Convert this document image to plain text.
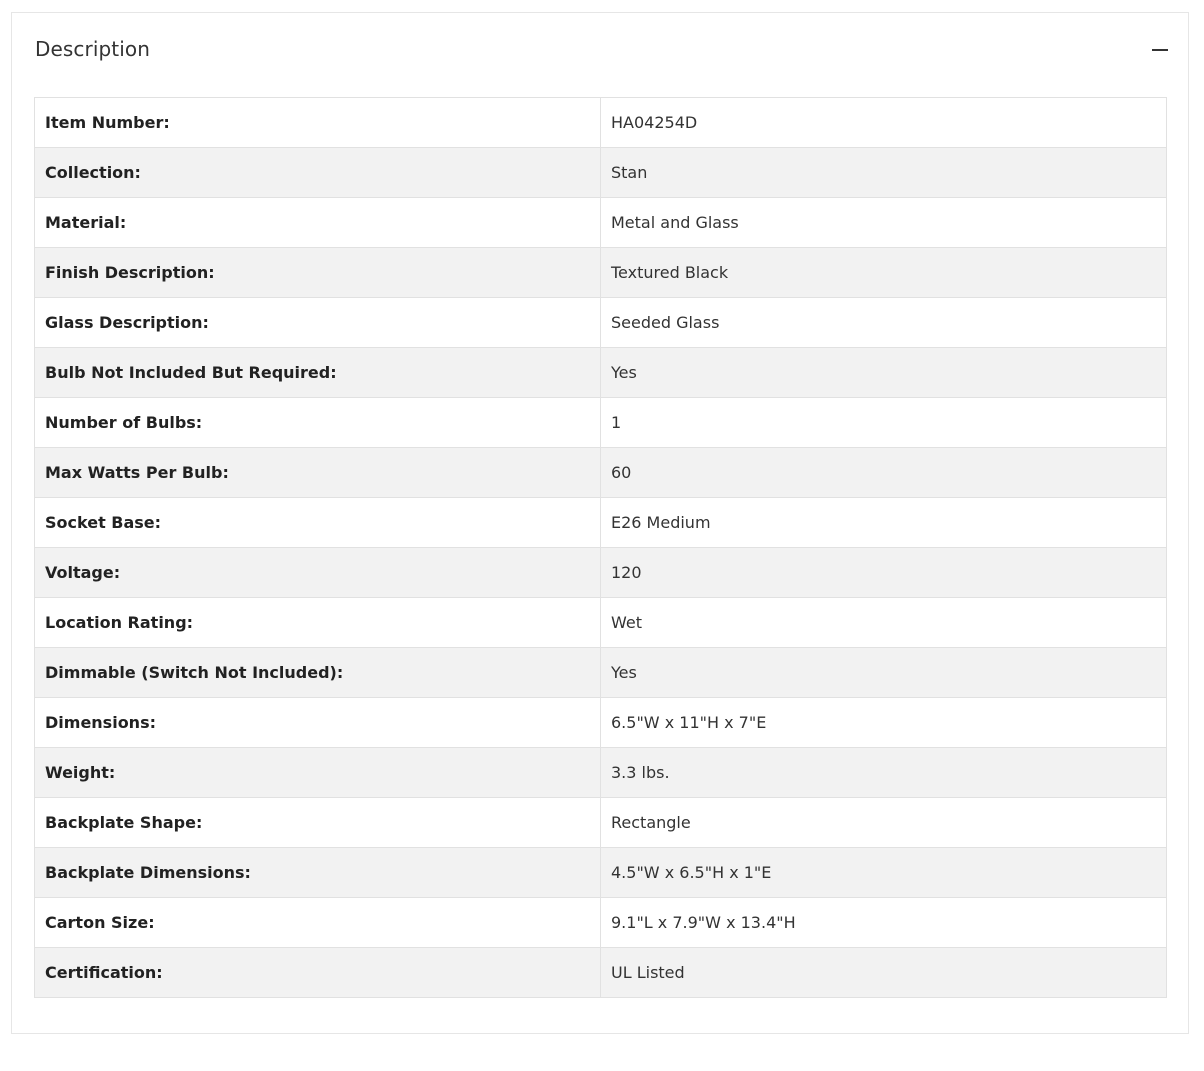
Description
Item Number:	HA04254D
Collection:	Stan
Material:	Metal and Glass
Finish Description:	Textured Black
Glass Description:	Seeded Glass
Bulb Not Included But Required:	Yes
Number of Bulbs:	1
Max Watts Per Bulb:	60
Socket Base:	E26 Medium
Voltage:	120
Location Rating:	Wet
Dimmable (Switch Not Included):	Yes
Dimensions:	6.5"W x 11"H x 7"E
Weight:	3.3 lbs.
Backplate Shape:	Rectangle
Backplate Dimensions:	4.5"W x 6.5"H x 1"E
Carton Size:	9.1"L x 7.9"W x 13.4"H
Certification:	UL Listed
